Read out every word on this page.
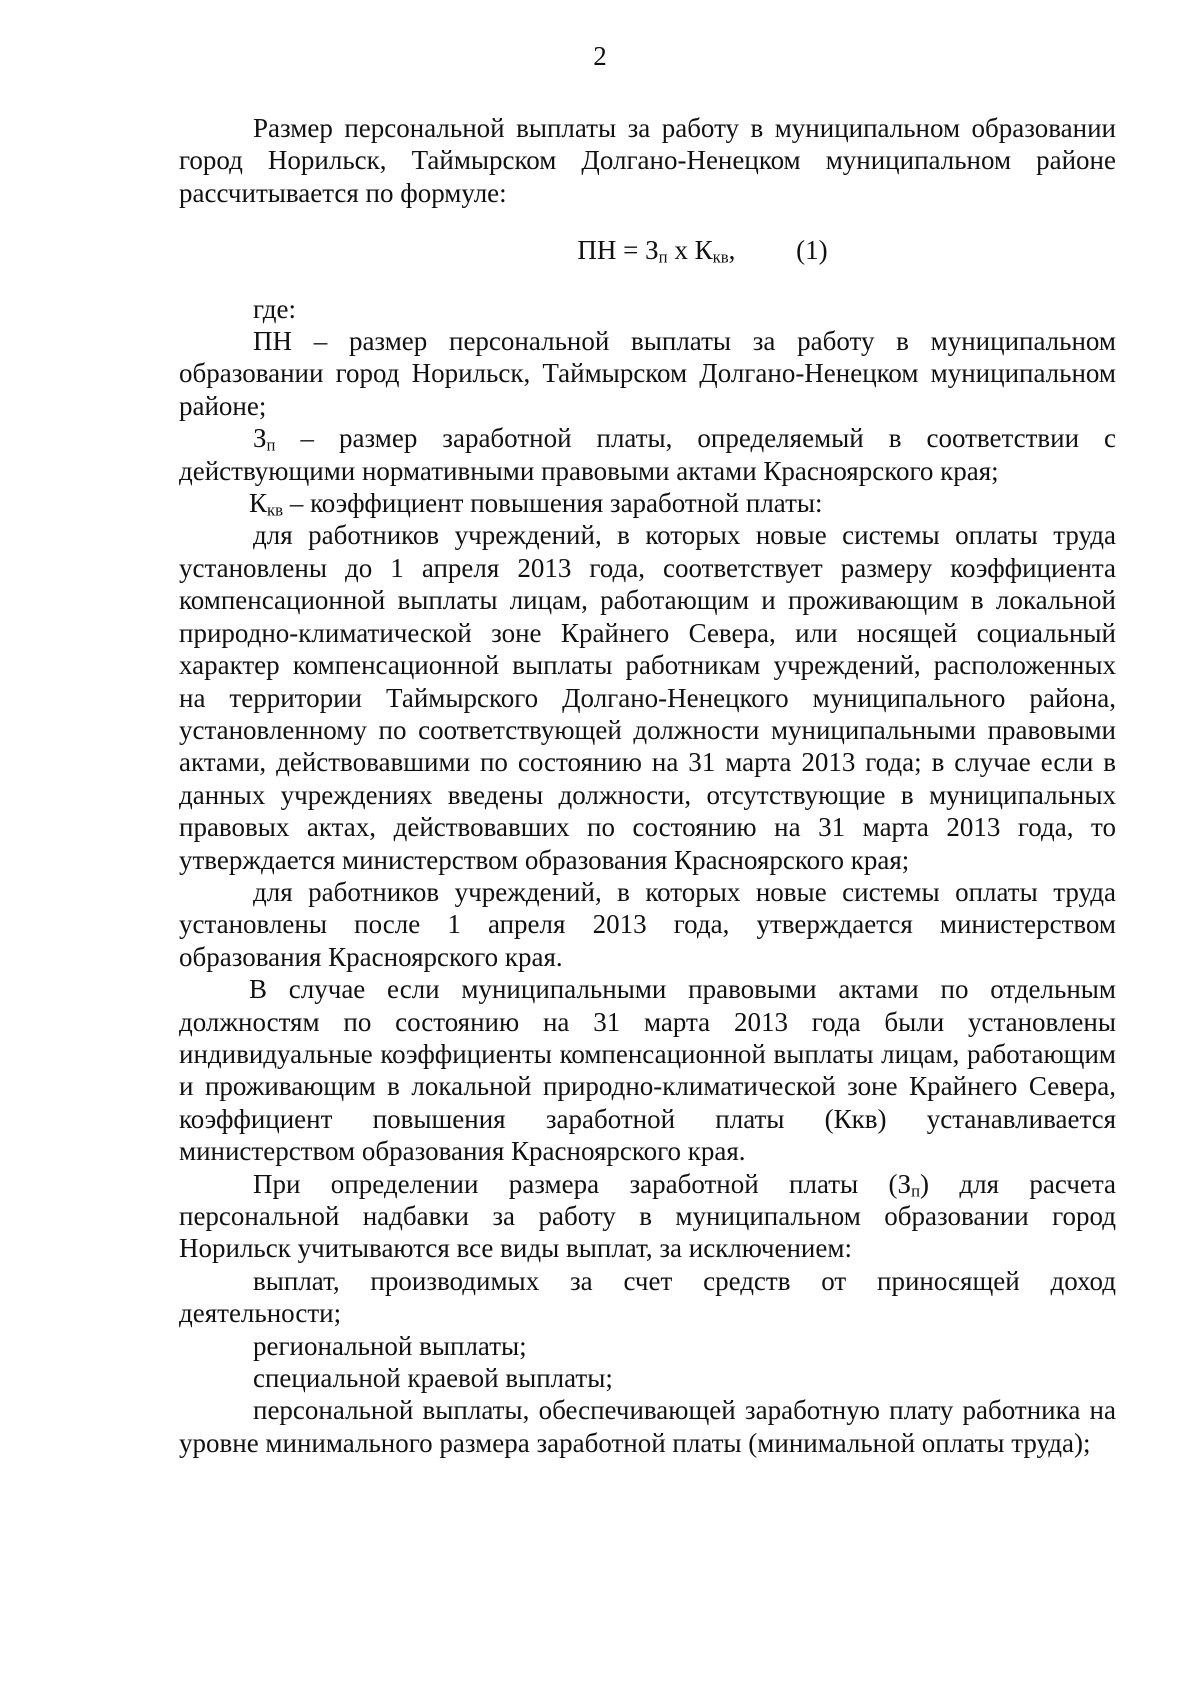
2

Размер персональной выплаты за работу в муниципальном образовании город Норильск, Таймырском Долгано-Ненецком муниципальном районе рассчитывается по формуле:

ПН = $З_п$ х $К_{кв}$, (1)

где:

ПН – размер персональной выплаты за работу в муниципальном образовании город Норильск, Таймырском Долгано-Ненецком муниципальном районе;

$З_п$ – размер заработной платы, определяемый в соответствии с действующими нормативными правовыми актами Красноярского края;

$К_{кв}$ – коэффициент повышения заработной платы:

для работников учреждений, в которых новые системы оплаты труда установлены до 1 апреля 2013 года, соответствует размеру коэффициента компенсационной выплаты лицам, работающим и проживающим в локальной природно-климатической зоне Крайнего Севера, или носящей социальный характер компенсационной выплаты работникам учреждений, расположенных на территории Таймырского Долгано-Ненецкого муниципального района, установленному по соответствующей должности муниципальными правовыми актами, действовавшими по состоянию на 31 марта 2013 года; в случае если в данных учреждениях введены должности, отсутствующие в муниципальных правовых актах, действовавших по состоянию на 31 марта 2013 года, то утверждается министерством образования Красноярского края;

для работников учреждений, в которых новые системы оплаты труда установлены после 1 апреля 2013 года, утверждается министерством образования Красноярского края.

В случае если муниципальными правовыми актами по отдельным должностям по состоянию на 31 марта 2013 года были установлены индивидуальные коэффициенты компенсационной выплаты лицам, работающим и проживающим в локальной природно-климатической зоне Крайнего Севера, коэффициент повышения заработной платы (Ккв) устанавливается министерством образования Красноярского края.

При определении размера заработной платы $(З_п)$ для расчета персональной надбавки за работу в муниципальном образовании город Норильск учитываются все виды выплат, за исключением:

выплат, производимых за счет средств от приносящей доход деятельности;

региональной выплаты;

специальной краевой выплаты;

персональной выплаты, обеспечивающей заработную плату работника на уровне минимального размера заработной платы (минимальной оплаты труда);
